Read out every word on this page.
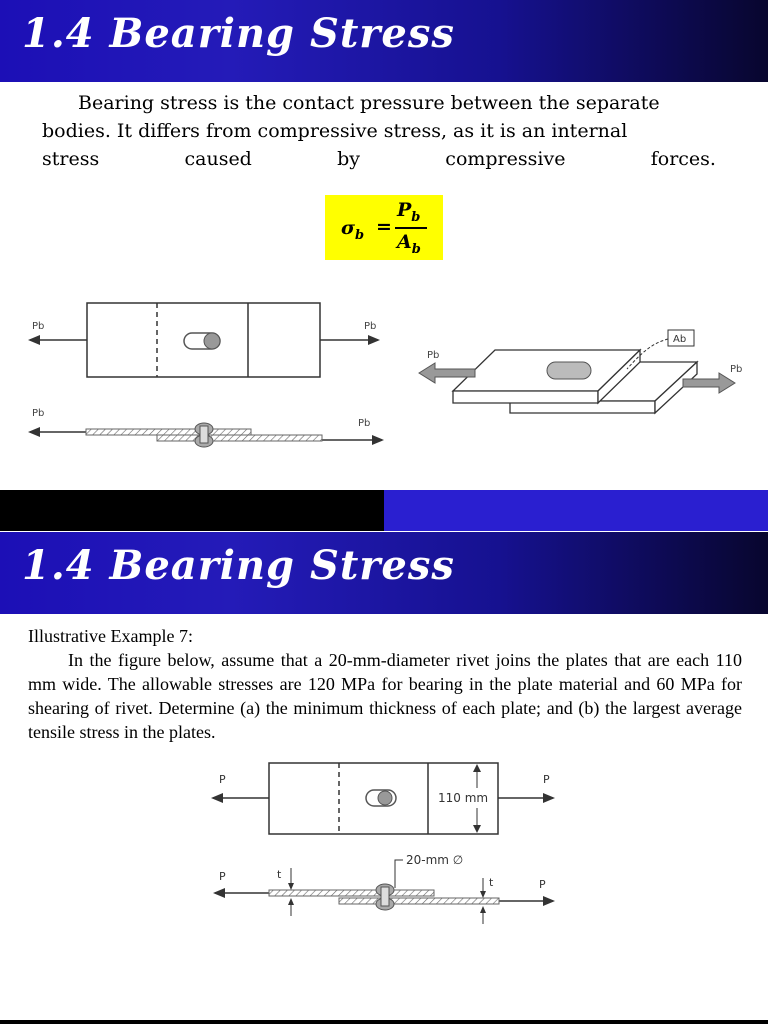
1.4 Bearing Stress

Bearing stress is the contact pressure between the separate

bodies. It differs from compressive stress, as it is an internal
stress	caused	by	compressive	forces.
$\sigma_b$ =
$P_b$
$A_b$
Pb	Pb
Pb
Pb
Ab
Pb
Pb
1.4 Bearing Stress

Illustrative Example 7:

In the figure below, assume that a 20-mm-diameter rivet joins the plates that are each 110 mm wide. The allowable stresses are 120 MPa for bearing in the plate material and 60 MPa for shearing of rivet. Determine (a) the minimum thickness of each plate; and (b) the largest average tensile stress in the plates.

110 mm
P	P
20-mm ∅
t
t
P
P
